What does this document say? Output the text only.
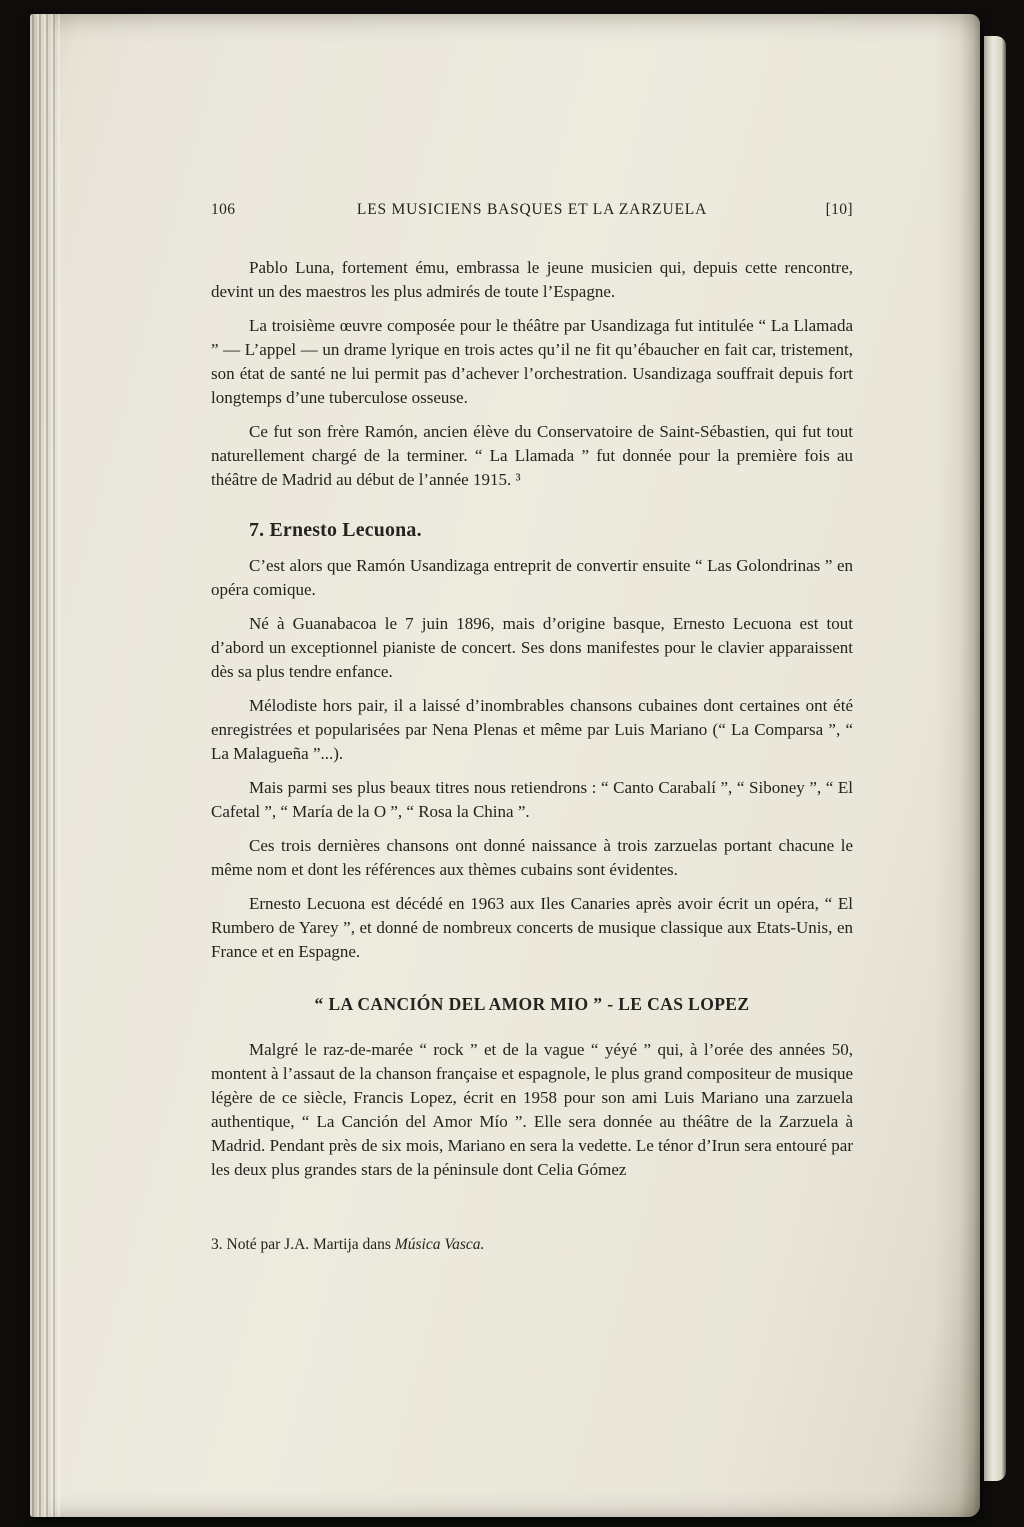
106	LES MUSICIENS BASQUES ET LA ZARZUELA	[10]

Pablo Luna, fortement ému, embrassa le jeune musicien qui, depuis cette rencontre, devint un des maestros les plus admirés de toute l’Espagne.

La troisième œuvre composée pour le théâtre par Usandizaga fut intitulée “ La Llamada ” — L’appel — un drame lyrique en trois actes qu’il ne fit qu’ébaucher en fait car, tristement, son état de santé ne lui permit pas d’achever l’orchestration. Usandizaga souffrait depuis fort longtemps d’une tuberculose osseuse.

Ce fut son frère Ramón, ancien élève du Conservatoire de Saint-Sébastien, qui fut tout naturellement chargé de la terminer. “ La Llamada ” fut donnée pour la première fois au théâtre de Madrid au début de l’année 1915. ³

7. Ernesto Lecuona.

C’est alors que Ramón Usandizaga entreprit de convertir ensuite “ Las Golondrinas ” en opéra comique.

Né à Guanabacoa le 7 juin 1896, mais d’origine basque, Ernesto Lecuona est tout d’abord un exceptionnel pianiste de concert. Ses dons manifestes pour le clavier apparaissent dès sa plus tendre enfance.

Mélodiste hors pair, il a laissé d’inombrables chansons cubaines dont certaines ont été enregistrées et popularisées par Nena Plenas et même par Luis Mariano (“ La Comparsa ”, “ La Malagueña ”...).

Mais parmi ses plus beaux titres nous retiendrons : “ Canto Carabalí ”, “ Siboney ”, “ El Cafetal ”, “ María de la O ”, “ Rosa la China ”.

Ces trois dernières chansons ont donné naissance à trois zarzuelas portant chacune le même nom et dont les références aux thèmes cubains sont évidentes.

Ernesto Lecuona est décédé en 1963 aux Iles Canaries après avoir écrit un opéra, “ El Rumbero de Yarey ”, et donné de nombreux concerts de musique classique aux Etats-Unis, en France et en Espagne.

“ LA CANCIÓN DEL AMOR MIO ” - LE CAS LOPEZ

Malgré le raz-de-marée “ rock ” et de la vague “ yéyé ” qui, à l’orée des années 50, montent à l’assaut de la chanson française et espagnole, le plus grand compositeur de musique légère de ce siècle, Francis Lopez, écrit en 1958 pour son ami Luis Mariano una zarzuela authentique, “ La Canción del Amor Mío ”. Elle sera donnée au théâtre de la Zarzuela à Madrid. Pendant près de six mois, Mariano en sera la vedette. Le ténor d’Irun sera entouré par les deux plus grandes stars de la péninsule dont Celia Gómez

3. Noté par J.A. Martija dans Música Vasca.
